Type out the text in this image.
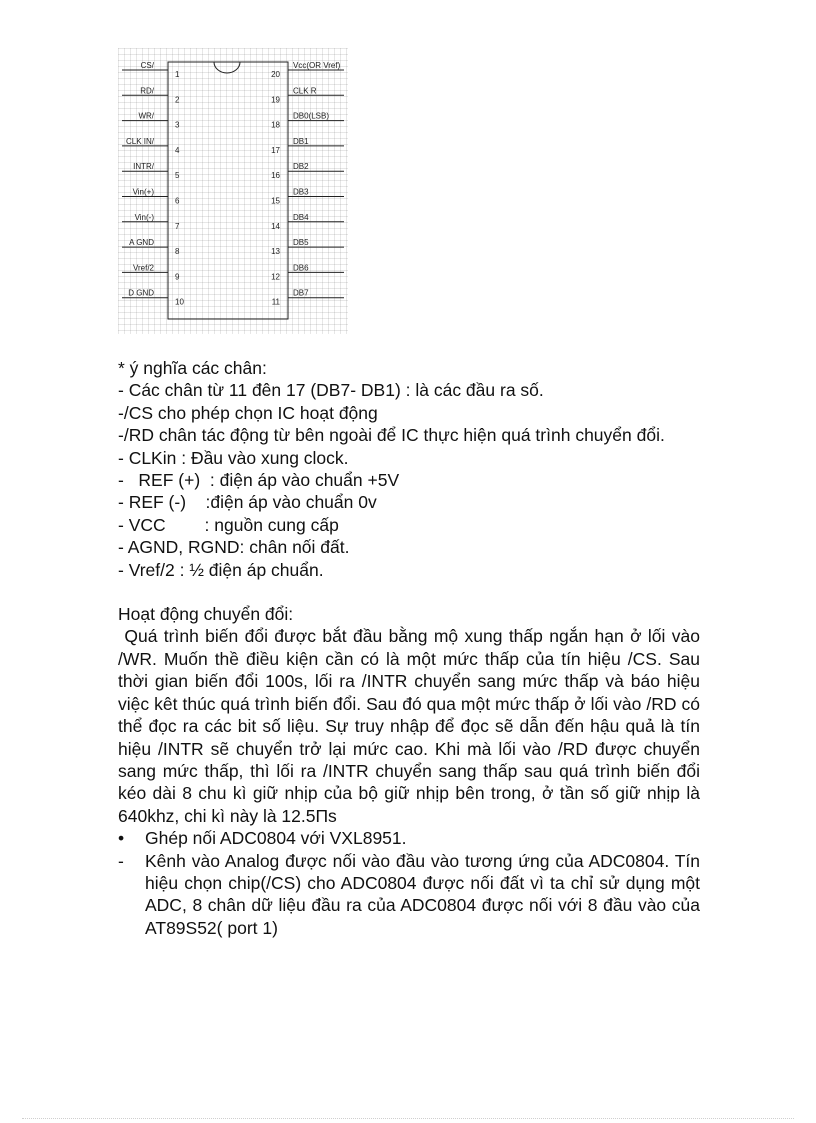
CS/
1
RD/
2
WR/
3
CLK IN/
4
INTR/
5
Vin(+)
6
Vin(-)
7
A GND
8
Vref/2
9
D GND
10
Vcc(OR Vref)
20
CLK R
19
DB0(LSB)
18
DB1
17
DB2
16
DB3
15
DB4
14
DB5
13
DB6
12
DB7
11

* ý nghĩa các chân:

- Các chân từ 11 đên 17 (DB7- DB1) : là các đầu ra số.

-/CS cho phép chọn IC hoạt động

-/RD chân tác động từ bên ngoài để IC thực hiện quá trình chuyển đổi.

- CLKin : Đầu vào xung clock.

-   REF (+)  : điện áp vào chuẩn +5V

- REF (-)    :điện áp vào chuẩn 0v

- VCC        : nguồn cung cấp

- AGND, RGND: chân nối đất.

- Vref/2 : ½ điện áp chuẩn.

Hoạt động chuyển đổi:

Quá trình biến đổi được bắt đầu bằng mộ xung thấp ngắn hạn ở lối vào /WR. Muốn thề điều kiện cần có là một mức thấp của tín hiệu /CS. Sau thời gian biến đổi 100s, lối ra /INTR chuyển sang mức thấp và báo hiệu việc kêt thúc quá trình biến đổi. Sau đó qua một mức thấp ở lối vào /RD có thể đọc ra các bit số liệu. Sự truy nhập để đọc sẽ dẫn đến hậu quả là tín hiệu /INTR sẽ chuyển trở lại mức cao. Khi mà lối vào /RD được chuyển sang mức thấp, thì lối ra /INTR chuyển sang thấp sau quá trình biến đổi kéo dài 8 chu kì giữ nhịp của bộ giữ nhịp bên trong, ở tần số giữ nhịp là 640khz, chi kì này là 12.5Пs

• Ghép nối ADC0804 với VXL8951.
- Kênh vào Analog được nối vào đầu vào tương ứng của ADC0804. Tín hiệu chọn chip(/CS) cho ADC0804 được nối đất vì ta chỉ sử dụng một ADC, 8 chân dữ liệu đầu ra của ADC0804 được nối với 8 đầu vào của AT89S52( port 1)
